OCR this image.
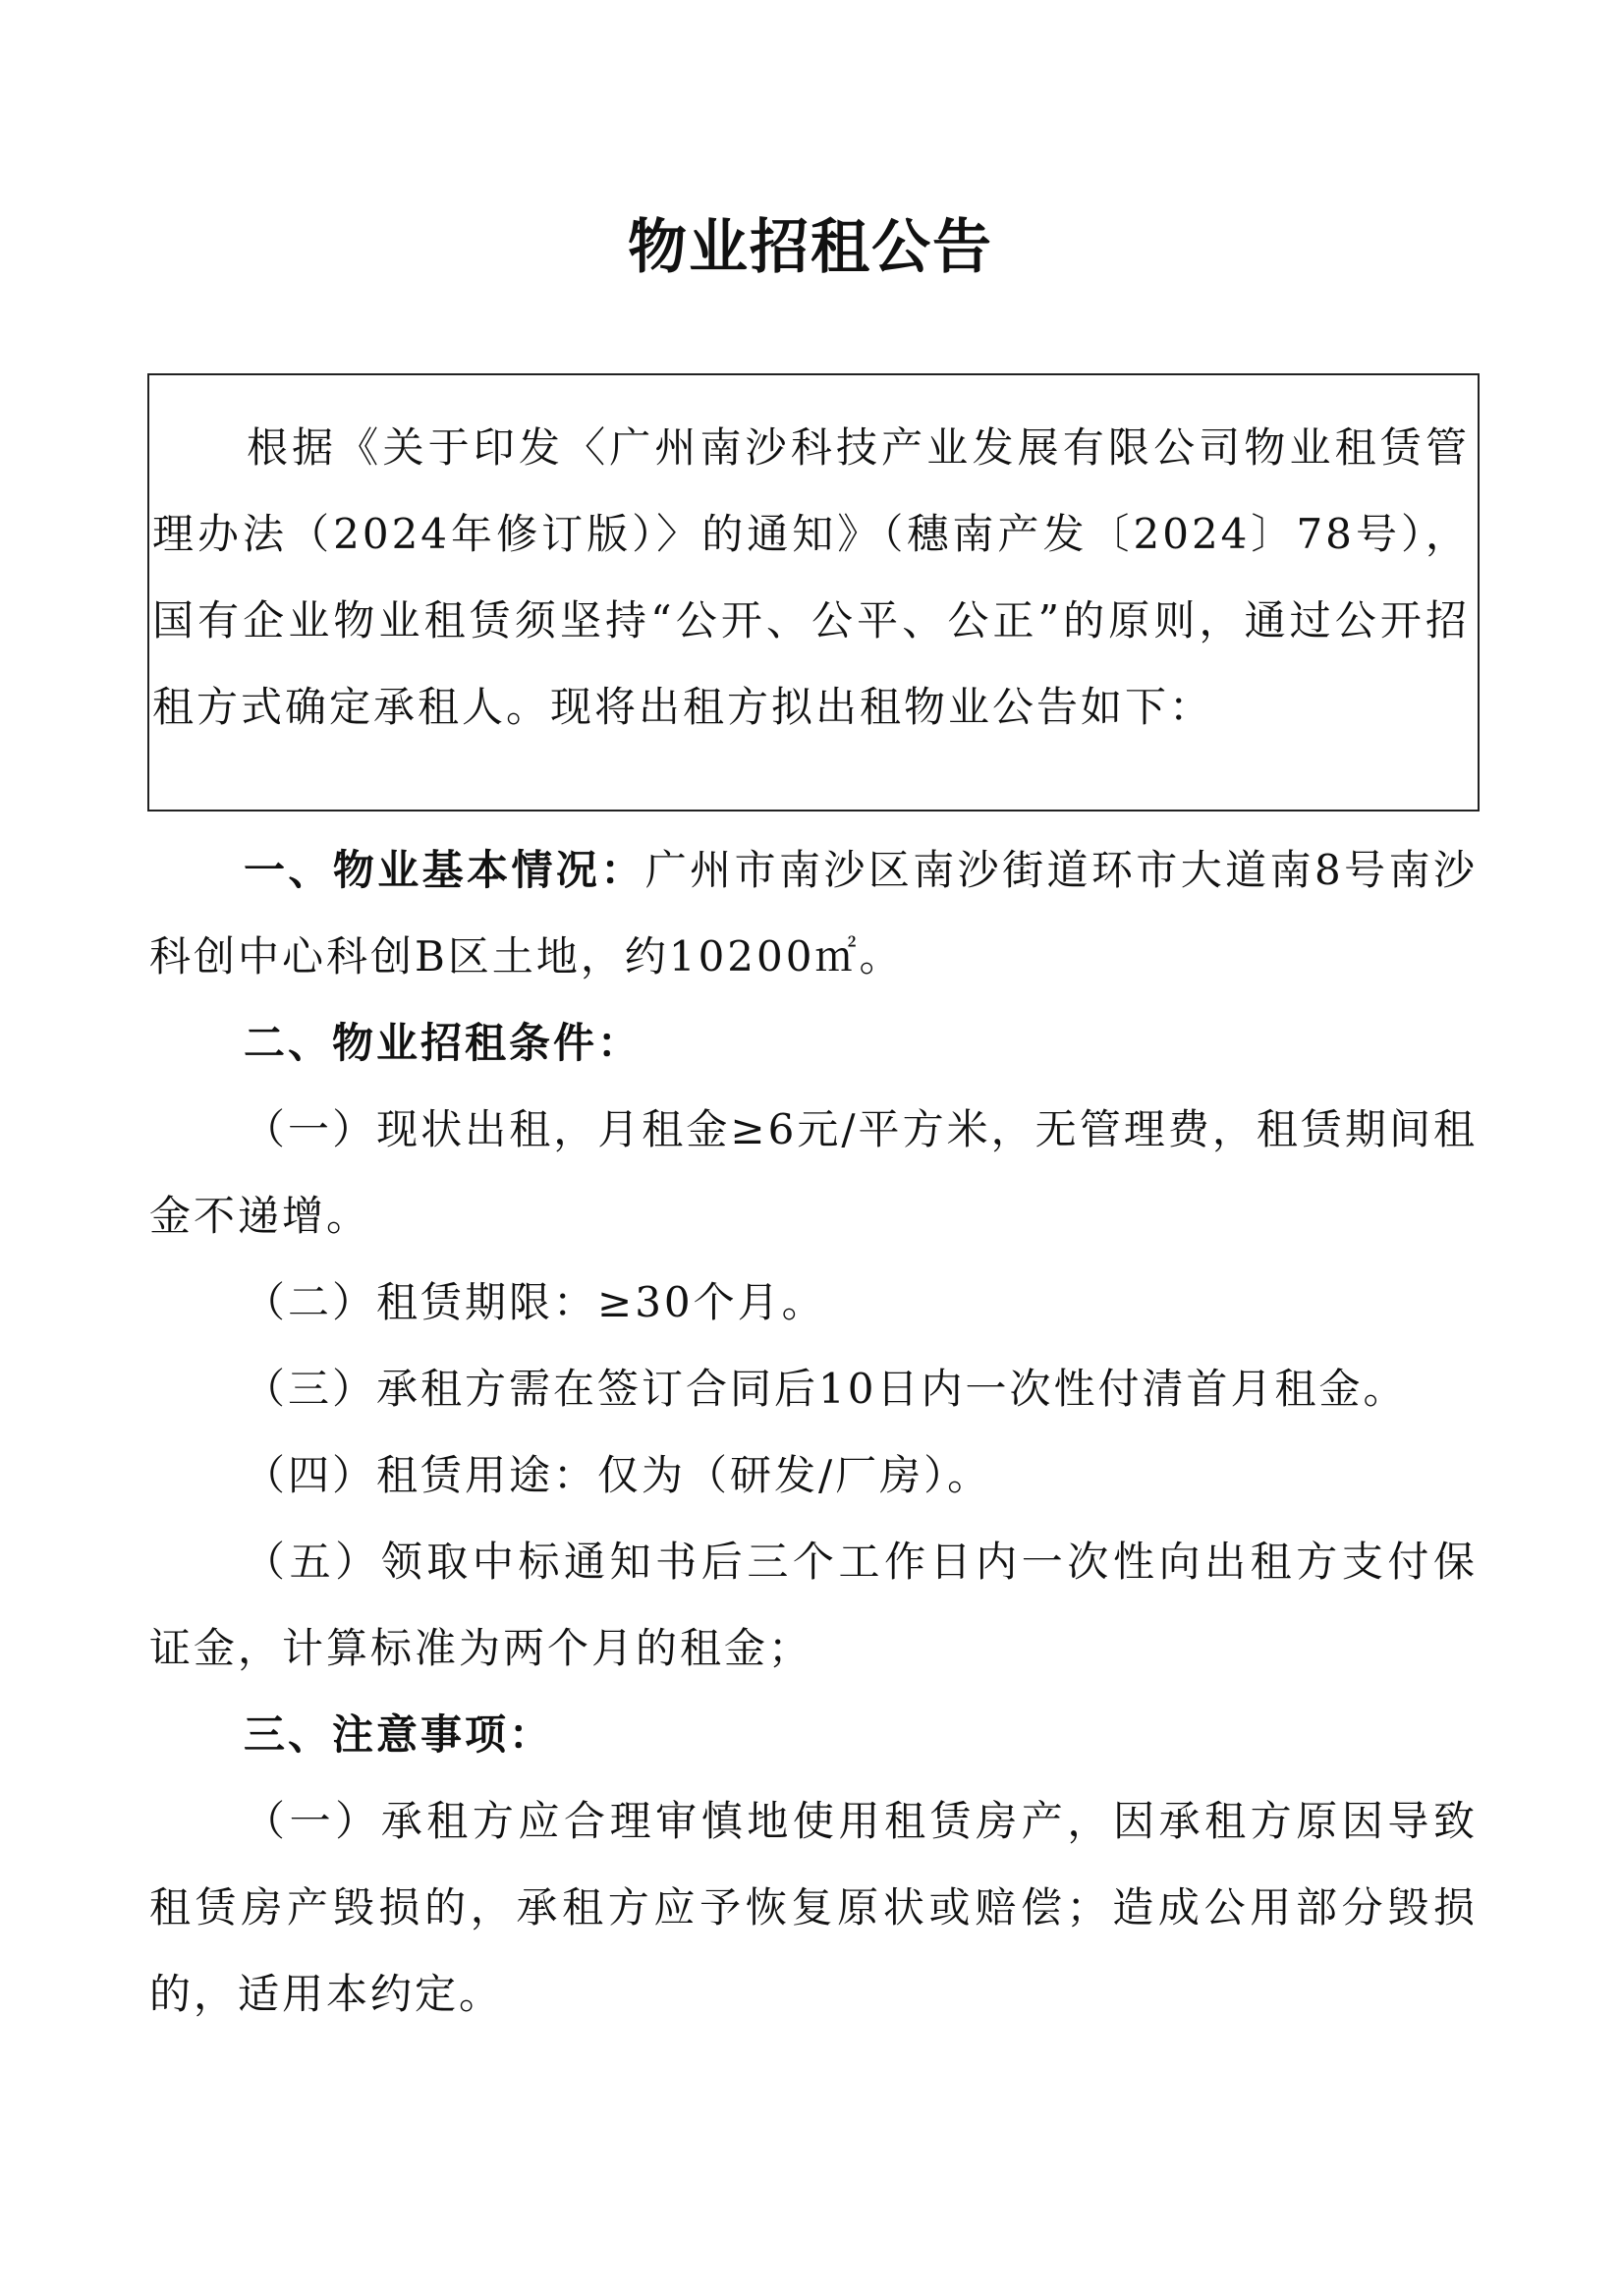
物业招租公告

根据《关于印发〈广州南沙科技产业发展有限公司物业租赁管理办法（2024年修订版）〉的通知》（穗南产发〔2024〕78号），国有企业物业租赁须坚持“公开、公平、公正”的原则，通过公开招租方式确定承租人。现将出租方拟出租物业公告如下：

一、物业基本情况：广州市南沙区南沙街道环市大道南8号南沙科创中心科创B区土地，约10200㎡。

二、物业招租条件：

（一）现状出租，月租金≥6元/平方米，无管理费，租赁期间租金不递增。

（二）租赁期限：≥30个月。

（三）承租方需在签订合同后10日内一次性付清首月租金。

（四）租赁用途：仅为（研发/厂房）。

（五）领取中标通知书后三个工作日内一次性向出租方支付保证金，计算标准为两个月的租金；

三、注意事项：

（一）承租方应合理审慎地使用租赁房产，因承租方原因导致租赁房产毁损的，承租方应予恢复原状或赔偿；造成公用部分毁损的，适用本约定。
